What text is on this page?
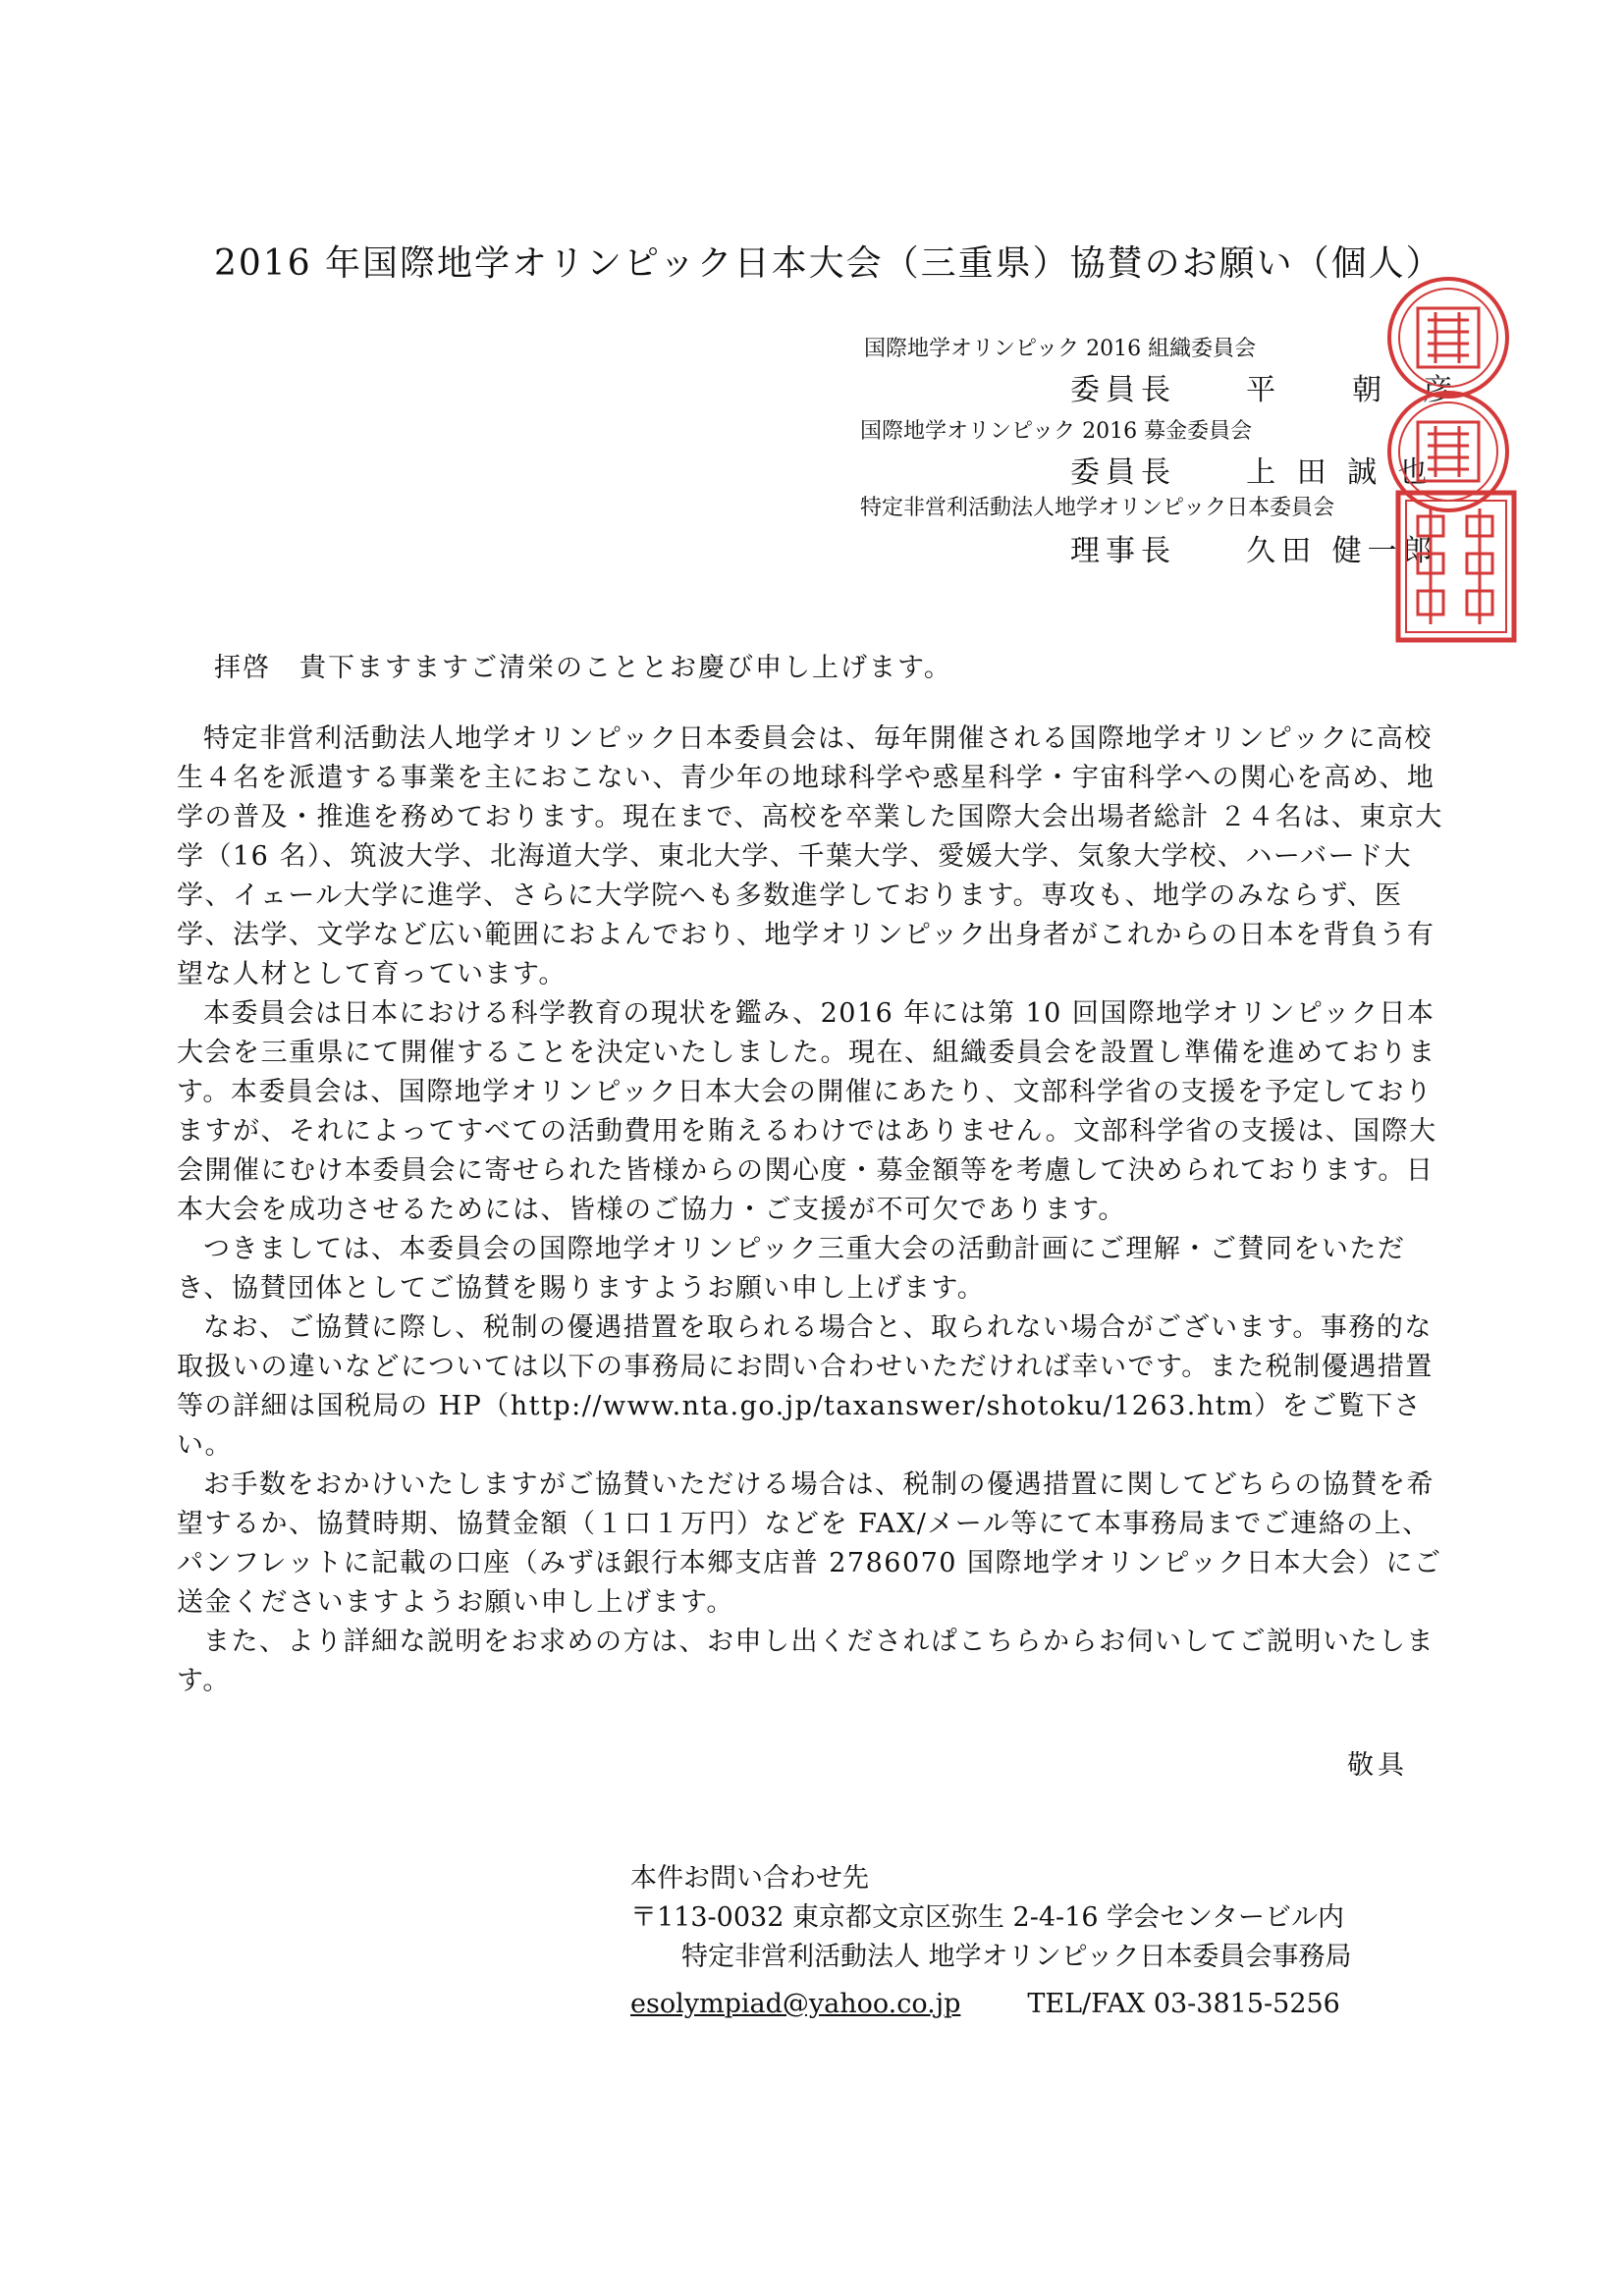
2016 年国際地学オリンピック日本大会（三重県）協賛のお願い（個人）
国際地学オリンピック 2016 組織委員会
委員長 平　　朝　彦
国際地学オリンピック 2016 募金委員会
委員長 上 田 誠 也
特定非営利活動法人地学オリンピック日本委員会
理事長 久田 健一郎
拝啓　貴下ますますご清栄のこととお慶び申し上げます。

特定非営利活動法人地学オリンピック日本委員会は、毎年開催される国際地学オリンピックに高校生４名を派遣する事業を主におこない、青少年の地球科学や惑星科学・宇宙科学への関心を高め、地学の普及・推進を務めております。現在まで、高校を卒業した国際大会出場者総計 ２４名は、東京大学（16 名）、筑波大学、北海道大学、東北大学、千葉大学、愛媛大学、気象大学校、ハーバード大学、イェール大学に進学、さらに大学院へも多数進学しております。専攻も、地学のみならず、医学、法学、文学など広い範囲におよんでおり、地学オリンピック出身者がこれからの日本を背負う有望な人材として育っています。

本委員会は日本における科学教育の現状を鑑み、2016 年には第 10 回国際地学オリンピック日本大会を三重県にて開催することを決定いたしました。現在、組織委員会を設置し準備を進めております。本委員会は、国際地学オリンピック日本大会の開催にあたり、文部科学省の支援を予定しておりますが、それによってすべての活動費用を賄えるわけではありません。文部科学省の支援は、国際大会開催にむけ本委員会に寄せられた皆様からの関心度・募金額等を考慮して決められております。日本大会を成功させるためには、皆様のご協力・ご支援が不可欠であります。

つきましては、本委員会の国際地学オリンピック三重大会の活動計画にご理解・ご賛同をいただき、協賛団体としてご協賛を賜りますようお願い申し上げます。

なお、ご協賛に際し、税制の優遇措置を取られる場合と、取られない場合がございます。事務的な取扱いの違いなどについては以下の事務局にお問い合わせいただければ幸いです。また税制優遇措置等の詳細は国税局の HP（http://www.nta.go.jp/taxanswer/shotoku/1263.htm）をご覧下さい。

お手数をおかけいたしますがご協賛いただける場合は、税制の優遇措置に関してどちらの協賛を希望するか、協賛時期、協賛金額（１口１万円）などを FAX/メール等にて本事務局までご連絡の上、パンフレットに記載の口座（みずほ銀行本郷支店普 2786070 国際地学オリンピック日本大会）にご送金くださいますようお願い申し上げます。

また、より詳細な説明をお求めの方は、お申し出くだされぱこちらからお伺いしてご説明いたします。

敬具
本件お問い合わせ先
〒113-0032 東京都文京区弥生 2-4-16 学会センタービル内
特定非営利活動法人 地学オリンピック日本委員会事務局
esolympiad@yahoo.co.jp	TEL/FAX 03-3815-5256
